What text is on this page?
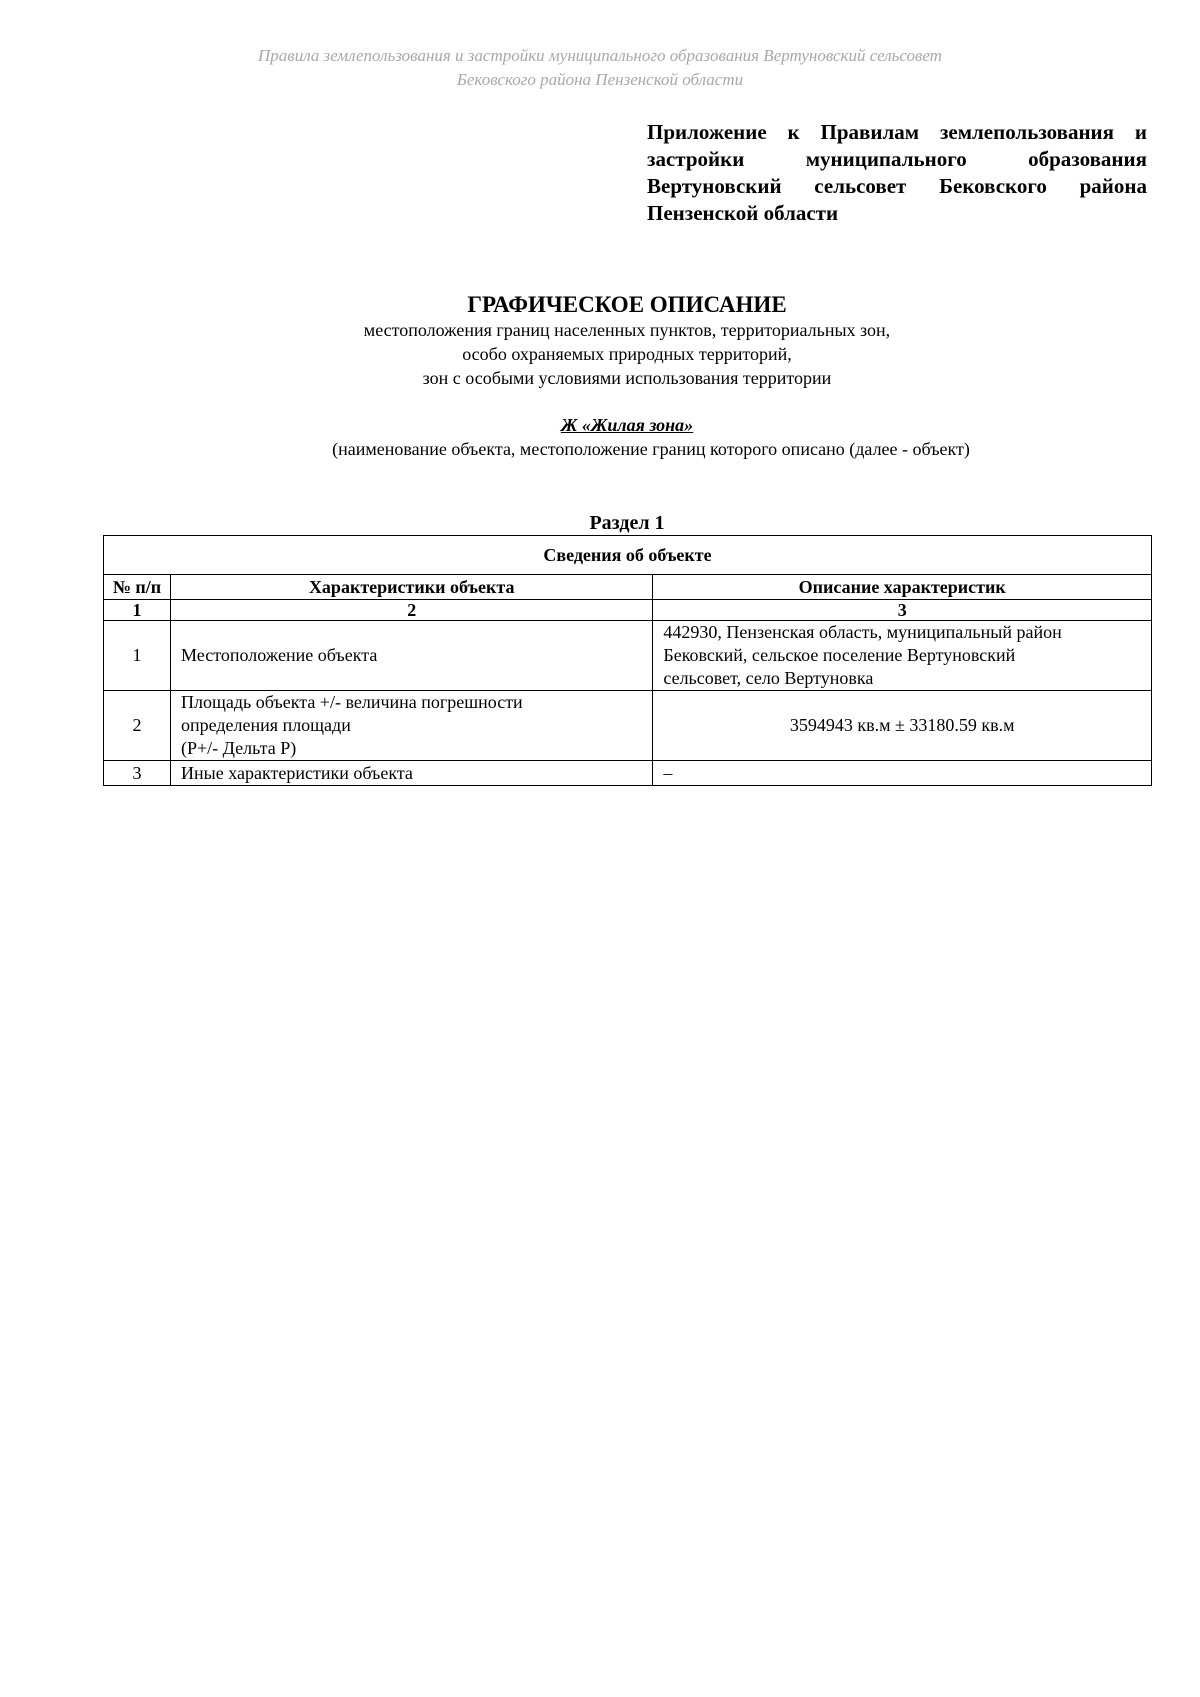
Правила землепользования и застройки муниципального образования Вертуновский сельсовет
Бековского района Пензенской области
Приложение к Правилам землепользования и застройки муниципального образования Вертуновский сельсовет Бековского района Пензенской области
ГРАФИЧЕСКОЕ ОПИСАНИЕ
местоположения границ населенных пунктов, территориальных зон,
особо охраняемых природных территорий,
зон с особыми условиями использования территории
Ж «Жилая зона»
(наименование объекта, местоположение границ которого описано (далее - объект)
Раздел 1
Сведения об объекте		
№ п/п	Характеристики объекта	Описание характеристик
1	2	3
1	Местоположение объекта	442930, Пензенская область, муниципальный район
Бековский, сельское поселение Вертуновский
сельсовет, село Вертуновка

2	Площадь объекта +/- величина погрешности
определения площади
(P+/- Дельта P)	3594943 кв.м ± 33180.59 кв.м

3	Иные характеристики объекта	–
